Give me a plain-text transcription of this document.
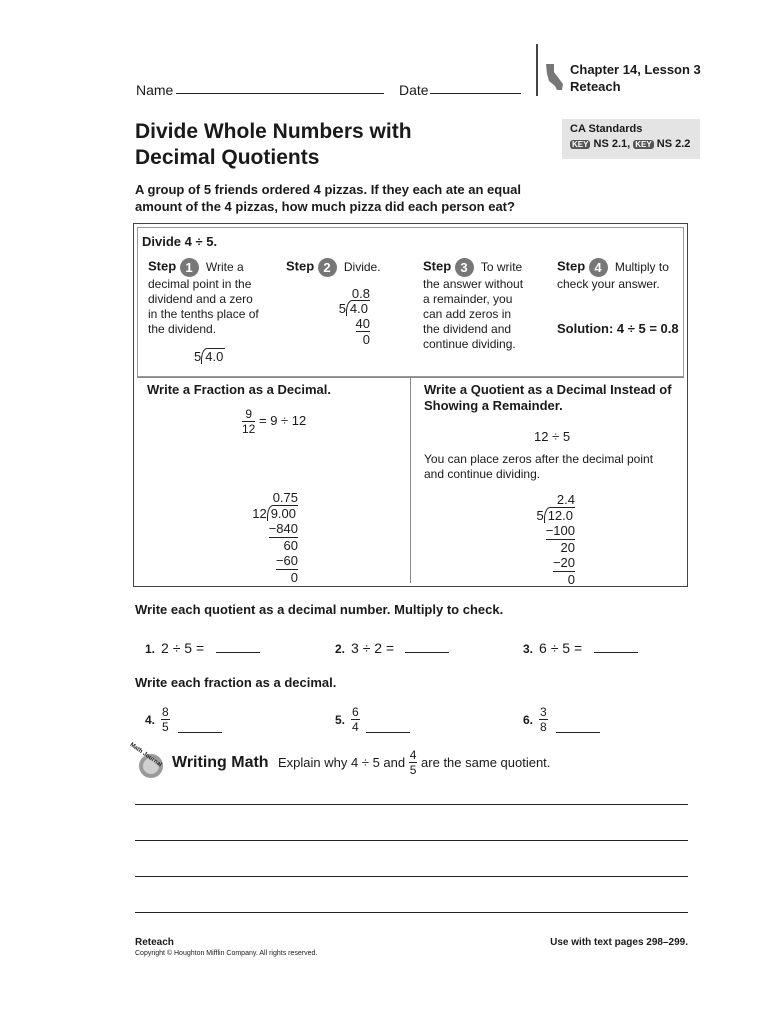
Name	Date
Chapter 14, Lesson 3
Reteach
Divide Whole Numbers with
Decimal Quotients
CA Standards
KEY NS 2.1, KEY NS 2.2
A group of 5 friends ordered 4 pizzas. If they each ate an equal
amount of the 4 pizzas, how much pizza did each person eat?
Divide 4 ÷ 5.
Step 1 Write a
decimal point in the
dividend and a zero
in the tenths place of
the dividend.
5 4.0
Step 2 Divide.
0.8
5 4.0
40
0
Step 3 To write
the answer without
a remainder, you
can add zeros in
the dividend and
continue dividing.
Step 4 Multiply to
check your answer.
Solution: 4 ÷ 5 = 0.8
Write a Fraction as a Decimal.
$\frac{9}{12} = 9 \div 12$
0.75
12 9.00
−840
60
−60
0
Write a Quotient as a Decimal Instead of
Showing a Remainder.
12 ÷ 5
You can place zeros after the decimal point
and continue dividing.
2.4
5 12.0
−100
20
−20
0
Write each quotient as a decimal number. Multiply to check.
1. 2 ÷ 5 =	2. 3 ÷ 2 =	3. 6 ÷ 5 =
Write each fraction as a decimal.
4. $\frac{8}{5}$	5. $\frac{6}{4}$	6. $\frac{3}{8}$
Math Journal Writing Math Explain why 4 ÷ 5 and $\frac{4}{5}$ are the same quotient.
Reteach	Use with text pages 298–299.
Copyright © Houghton Mifflin Company. All rights reserved.
